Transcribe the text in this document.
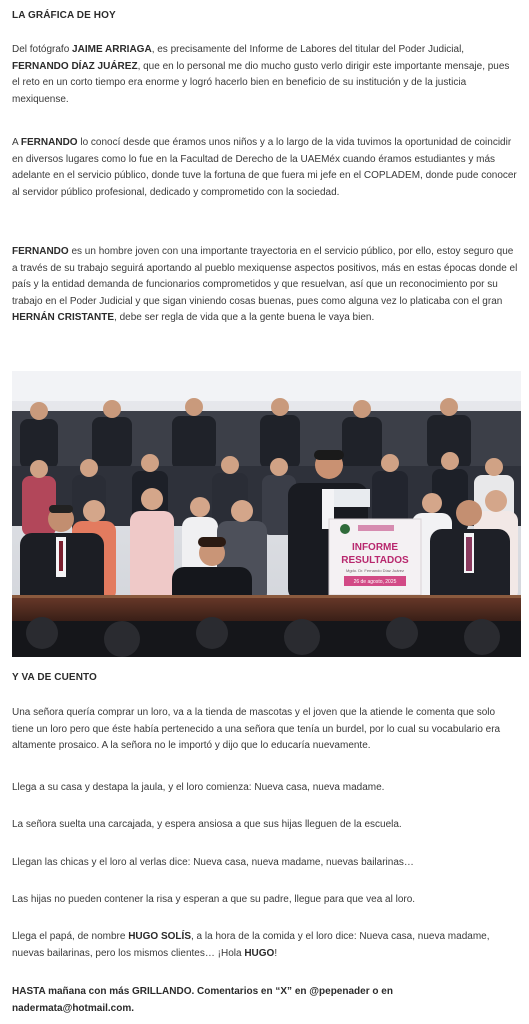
LA GRÁFICA DE HOY

Del fotógrafo JAIME ARRIAGA, es precisamente del Informe de Labores del titular del Poder Judicial, FERNANDO DÍAZ JUÁREZ, que en lo personal me dio mucho gusto verlo dirigir este importante mensaje, pues el reto en un corto tiempo era enorme y logró hacerlo bien en beneficio de su institución y de la justicia mexiquense.

A FERNANDO lo conocí desde que éramos unos niños y a lo largo de la vida tuvimos la oportunidad de coincidir en diversos lugares como lo fue en la Facultad de Derecho de la UAEMéx cuando éramos estudiantes y más adelante en el servicio público, donde tuve la fortuna de que fuera mi jefe en el COPLADEM, donde pude conocer al servidor público profesional, dedicado y comprometido con la sociedad.

FERNANDO es un hombre joven con una importante trayectoria en el servicio público, por ello, estoy seguro que a través de su trabajo seguirá aportando al pueblo mexiquense aspectos positivos, más en estas épocas donde el país y la entidad demanda de funcionarios comprometidos y que resuelvan, así que un reconocimiento por su trabajo en el Poder Judicial y que sigan viniendo cosas buenas, pues como alguna vez lo platicaba con el gran HERNÁN CRISTANTE, debe ser regla de vida que a la gente buena le vaya bien.

INFORME
RESULTADOS
Mgdo. Dr. Fernando Díaz Juárez
26 de agosto, 2025
Y VA DE CUENTO

Una señora quería comprar un loro, va a la tienda de mascotas y el joven que la atiende le comenta que solo tiene un loro pero que éste había pertenecido a una señora que tenía un burdel, por lo cual su vocabulario era altamente prosaico. A la señora no le importó y dijo que lo educaría nuevamente.

Llega a su casa y destapa la jaula, y el loro comienza: Nueva casa, nueva madame.

La señora suelta una carcajada, y espera ansiosa a que sus hijas lleguen de la escuela.

Llegan las chicas y el loro al verlas dice: Nueva casa, nueva madame, nuevas bailarinas…

Las hijas no pueden contener la risa y esperan a que su padre, llegue para que vea al loro.

Llega el papá, de nombre HUGO SOLÍS, a la hora de la comida y el loro dice: Nueva casa, nueva madame, nuevas bailarinas, pero los mismos clientes… ¡Hola HUGO!

HASTA mañana con más GRILLANDO. Comentarios en “X” en @pepenader o en
nadermata@hotmail.com.
